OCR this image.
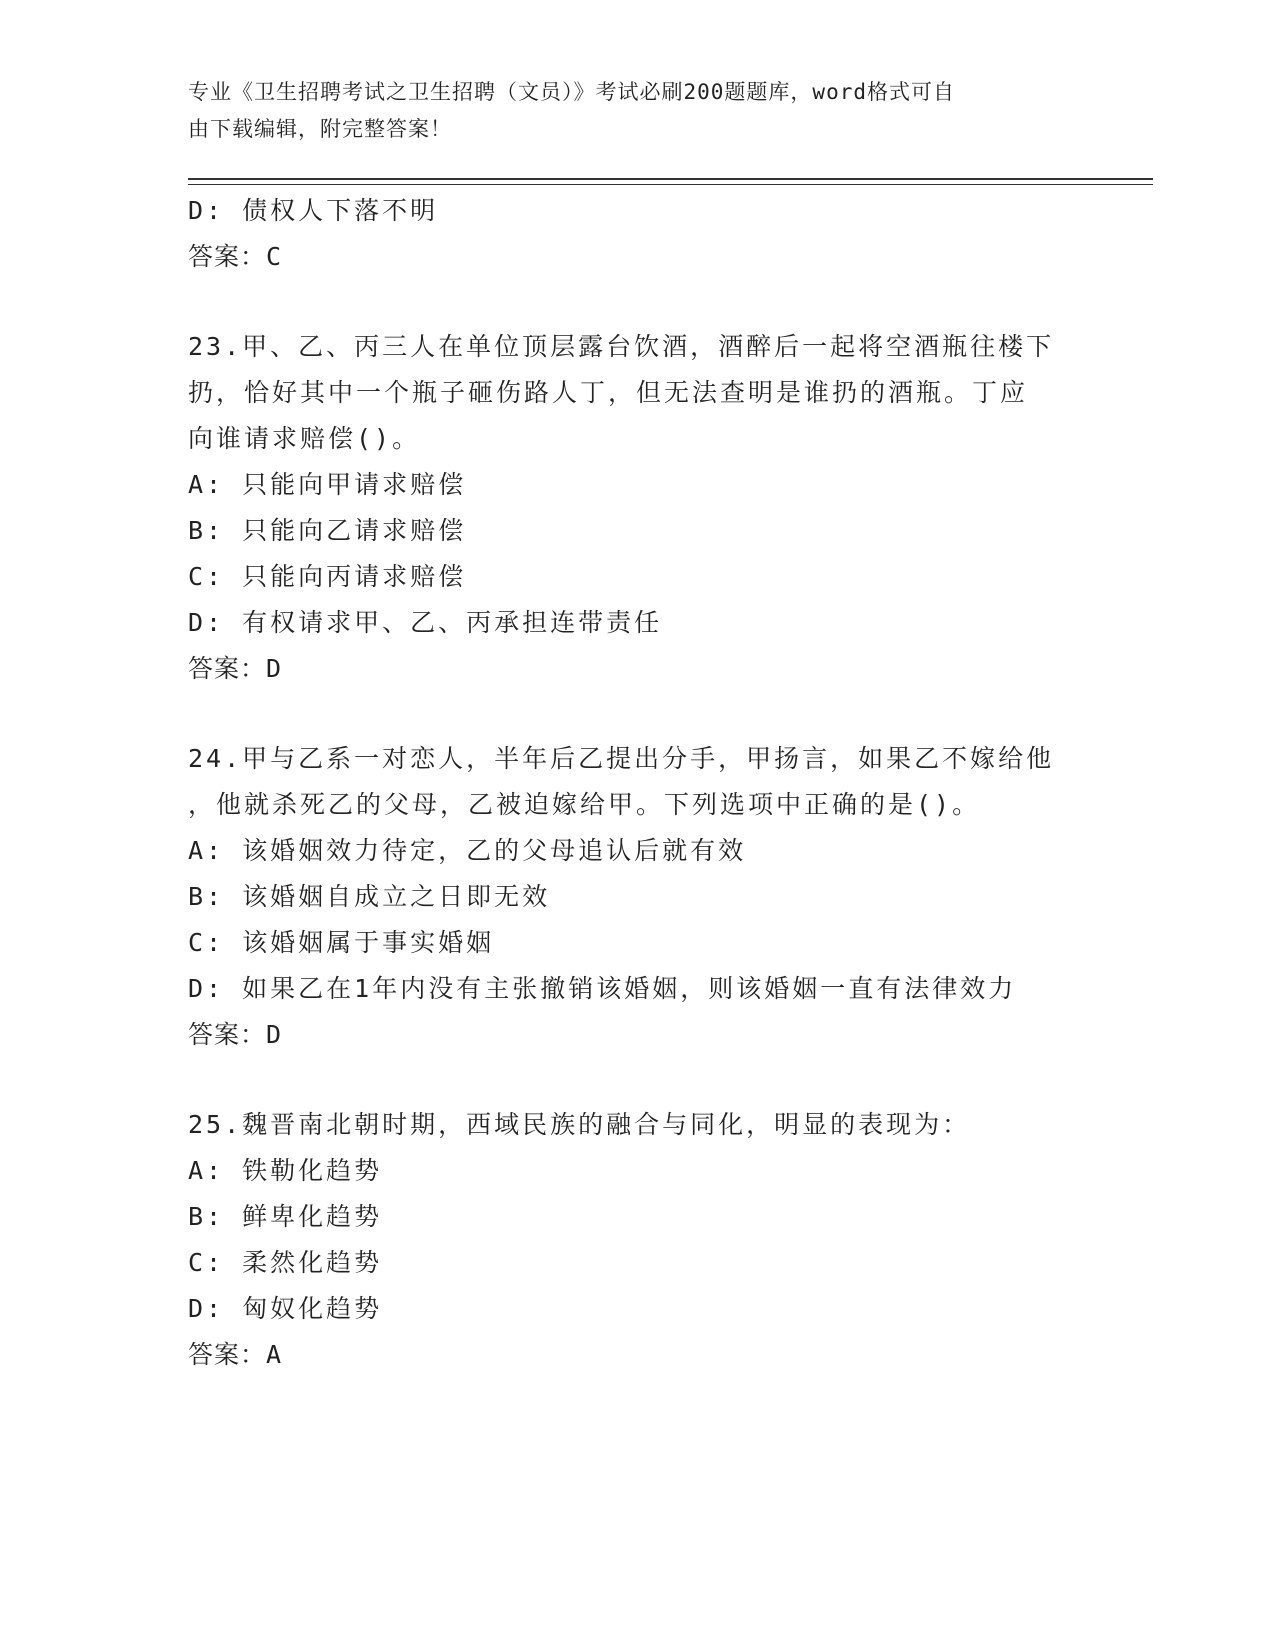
专业《卫生招聘考试之卫生招聘（文员）》考试必刷200题题库，word格式可自
由下载编辑，附完整答案！
D: 债权人下落不明
答案：C
23.甲、乙、丙三人在单位顶层露台饮酒，酒醉后一起将空酒瓶往楼下
扔，恰好其中一个瓶子砸伤路人丁，但无法查明是谁扔的酒瓶。丁应
向谁请求赔偿()。
A: 只能向甲请求赔偿
B: 只能向乙请求赔偿
C: 只能向丙请求赔偿
D: 有权请求甲、乙、丙承担连带责任
答案：D
24.甲与乙系一对恋人，半年后乙提出分手，甲扬言，如果乙不嫁给他
，他就杀死乙的父母，乙被迫嫁给甲。下列选项中正确的是()。
A: 该婚姻效力待定，乙的父母追认后就有效
B: 该婚姻自成立之日即无效
C: 该婚姻属于事实婚姻
D: 如果乙在1年内没有主张撤销该婚姻，则该婚姻一直有法律效力
答案：D
25.魏晋南北朝时期，西域民族的融合与同化，明显的表现为：
A: 铁勒化趋势
B: 鲜卑化趋势
C: 柔然化趋势
D: 匈奴化趋势
答案：A
